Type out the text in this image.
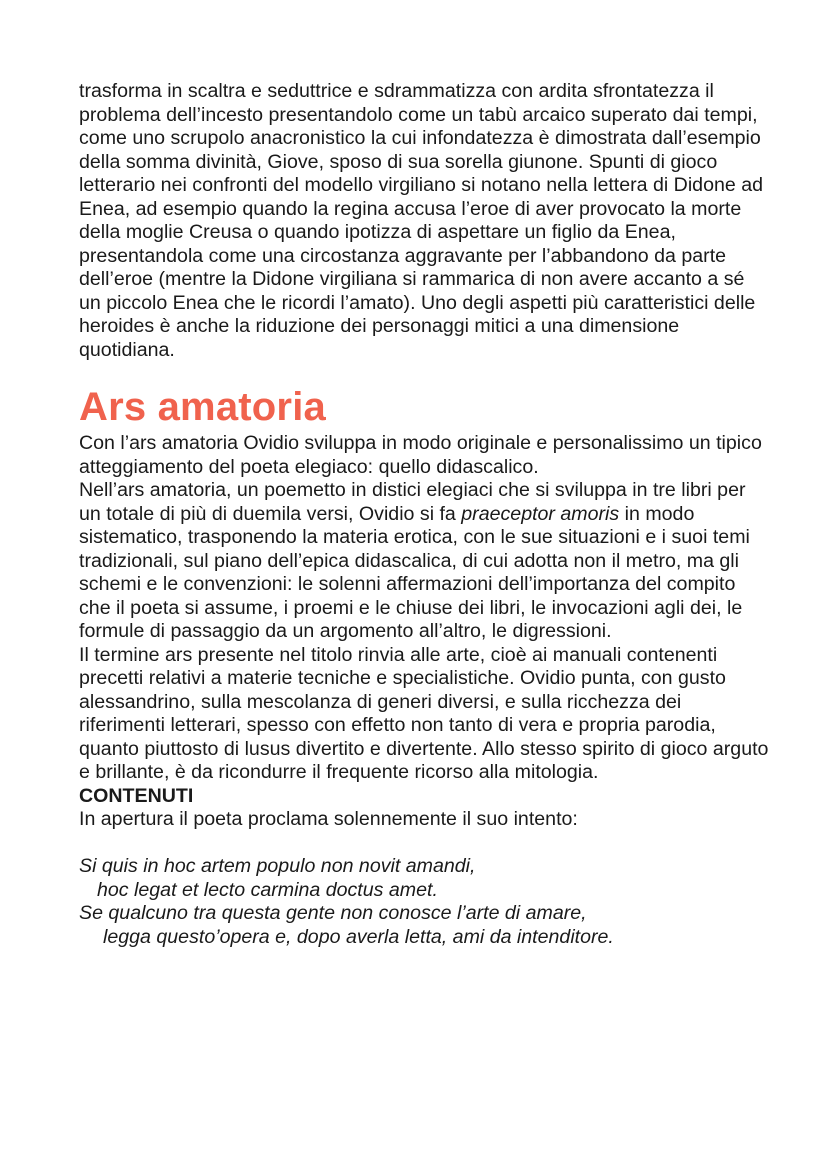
trasforma in scaltra e seduttrice e sdrammatizza con ardita sfrontatezza il problema dell’incesto presentandolo come un tabù arcaico superato dai tempi, come uno scrupolo anacronistico la cui infondatezza è dimostrata dall’esempio della somma divinità, Giove, sposo di sua sorella giunone. Spunti di gioco letterario nei confronti del modello virgiliano si notano nella lettera di Didone ad Enea, ad esempio quando la regina accusa l’eroe di aver provocato la morte della moglie Creusa o quando ipotizza di aspettare un figlio da Enea, presentandola come una circostanza aggravante per l’abbandono da parte dell’eroe (mentre la Didone virgiliana si rammarica di non avere accanto a sé un piccolo Enea che le ricordi l’amato). Uno degli aspetti più caratteristici delle heroides è anche la riduzione dei personaggi mitici a una dimensione quotidiana.

Ars amatoria

Con l’ars amatoria Ovidio sviluppa in modo originale e personalissimo un tipico atteggiamento del poeta elegiaco: quello didascalico.

Nell’ars amatoria, un poemetto in distici elegiaci che si sviluppa in tre libri per un totale di più di duemila versi, Ovidio si fa praeceptor amoris in modo sistematico, trasponendo la materia erotica, con le sue situazioni e i suoi temi tradizionali, sul piano dell’epica didascalica, di cui adotta non il metro, ma gli schemi e le convenzioni: le solenni affermazioni dell’importanza del compito che il poeta si assume, i proemi e le chiuse dei libri, le invocazioni agli dei, le formule di passaggio da un argomento all’altro, le digressioni.

Il termine ars presente nel titolo rinvia alle arte, cioè ai manuali contenenti precetti relativi a materie tecniche e specialistiche. Ovidio punta, con gusto alessandrino, sulla mescolanza di generi diversi, e sulla ricchezza dei riferimenti letterari, spesso con effetto non tanto di vera e propria parodia, quanto piuttosto di lusus divertito e divertente. Allo stesso spirito di gioco arguto e brillante, è da ricondurre il frequente ricorso alla mitologia.

CONTENUTI

In apertura il poeta proclama solennemente il suo intento:

Si quis in hoc artem populo non novit amandi,

hoc legat et lecto carmina doctus amet.

Se qualcuno tra questa gente non conosce l’arte di amare,

legga questo’opera e, dopo averla letta, ami da intenditore.
